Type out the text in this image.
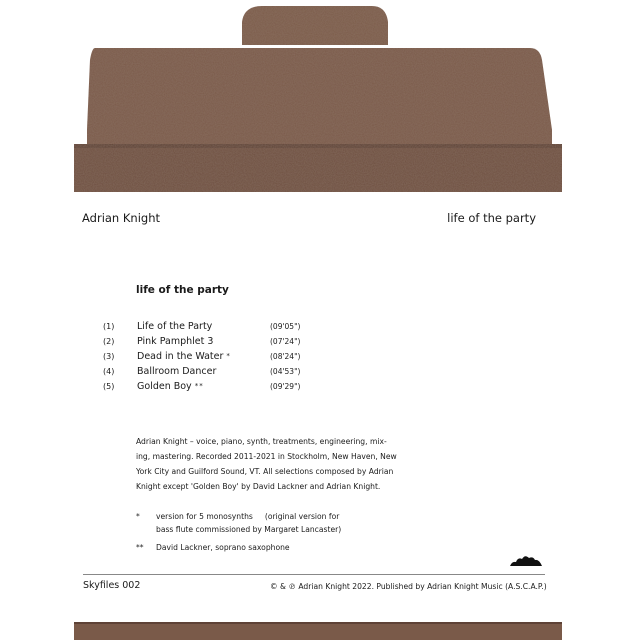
Adrian Knight	life of the party
life of the party
(1) Life of the Party	(09'05")
(2) Pink Pamphlet 3	(07'24")
(3) Dead in the Water *	(08'24")
(4) Ballroom Dancer	(04'53")
(5) Golden Boy **	(09'29")

Adrian Knight – voice, piano, synth, treatments, engineering, mix-

ing, mastering. Recorded 2011-2021 in Stockholm, New Haven, New

York City and Guilford Sound, VT. All selections composed by Adrian

Knight except 'Golden Boy' by David Lackner and Adrian Knight.

* version for 5 monosynths     (original version for
bass flute commissioned by Margaret Lancaster)
** David Lackner, soprano saxophone
Skyfiles 002	© & ℗ Adrian Knight 2022. Published by Adrian Knight Music (A.S.C.A.P.)
